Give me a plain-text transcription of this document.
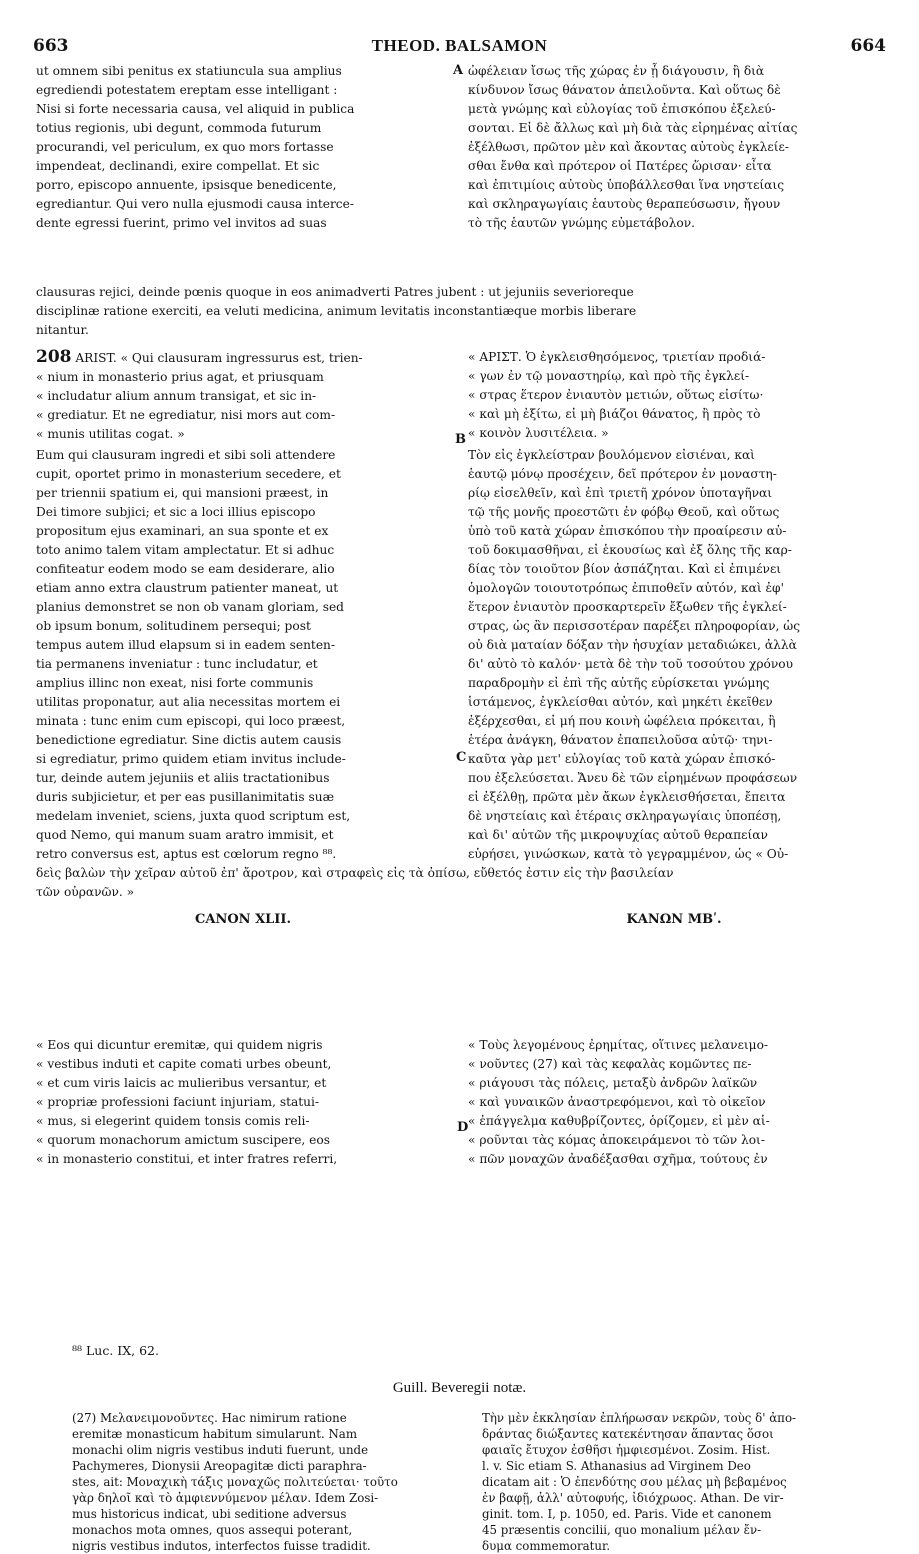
663	THEOD. BALSAMON	664
ut omnem sibi penitus ex statiuncula sua amplius
egrediendi potestatem ereptam esse intelligant :
Nisi si forte necessaria causa, vel aliquid in publica
totius regionis, ubi degunt, commoda futurum
procurandi, vel periculum, ex quo mors fortasse
impendeat, declinandi, exire compellat. Et sic
porro, episcopo annuente, ipsisque benedicente,
egrediantur. Qui vero nulla ejusmodi causa interce-
dente egressi fuerint, primo vel invitos ad suas
A ὠφέλειαν ἴσως τῆς χώρας ἐν ᾗ διάγουσιν, ἢ διὰ
κίνδυνον ἴσως θάνατον ἀπειλοῦντα. Καὶ οὕτως δὲ
μετὰ γνώμης καὶ εὐλογίας τοῦ ἐπισκόπου ἐξελεύ-
σονται. Εἰ δὲ ἄλλως καὶ μὴ διὰ τὰς εἰρημένας αἰτίας
ἐξέλθωσι, πρῶτον μὲν καὶ ἄκοντας αὐτοὺς ἐγκλείε-
σθαι ἔνθα καὶ πρότερον οἱ Πατέρες ὥρισαν· εἶτα
καὶ ἐπιτιμίοις αὐτοὺς ὑποβάλλεσθαι ἵνα νηστείαις
καὶ σκληραγωγίαις ἑαυτοὺς θεραπεύσωσιν, ἤγουν
τὸ τῆς ἑαυτῶν γνώμης εὐμετάβολον.
clausuras rejici, deinde pœnis quoque in eos animadverti Patres jubent : ut jejuniis severioreque
disciplinæ ratione exerciti, ea veluti medicina, animum levitatis inconstantiæque morbis liberare
nitantur.
208 ARIST. « Qui clausuram ingressurus est, trien-
« nium in monasterio prius agat, et priusquam
« includatur alium annum transigat, et sic in-
« grediatur. Et ne egrediatur, nisi mors aut com-
« munis utilitas cogat. »	B
« ΑΡΙΣΤ. Ὁ ἐγκλεισθησόμενος, τριετίαν προδιά-
« γων ἐν τῷ μοναστηρίῳ, καὶ πρὸ τῆς ἐγκλεί-
« στρας ἕτερον ἐνιαυτὸν μετιών, οὕτως εἰσίτω·
« καὶ μὴ ἐξίτω, εἰ μὴ βιάζοι θάνατος, ἢ πρὸς τὸ
« κοινὸν λυσιτέλεια. »
Eum qui clausuram ingredi et sibi soli attendere
cupit, oportet primo in monasterium secedere, et
per triennii spatium ei, qui mansioni præest, in
Dei timore subjici; et sic a loci illius episcopo
propositum ejus examinari, an sua sponte et ex
toto animo talem vitam amplectatur. Et si adhuc
confiteatur eodem modo se eam desiderare, alio
etiam anno extra claustrum patienter maneat, ut
planius demonstret se non ob vanam gloriam, sed
ob ipsum bonum, solitudinem persequi; post
tempus autem illud elapsum si in eadem senten-
tia permanens inveniatur : tunc includatur, et
amplius illinc non exeat, nisi forte communis
utilitas proponatur, aut alia necessitas mortem ei
minata : tunc enim cum episcopi, qui loco præest,
benedictione egrediatur. Sine dictis autem causis
si egrediatur, primo quidem etiam invitus include-
tur, deinde autem jejuniis et aliis tractationibus
duris subjicietur, et per eas pusillanimitatis suæ
medelam inveniet, sciens, juxta quod scriptum est,
quod Nemo, qui manum suam aratro immisit, et
retro conversus est, aptus est cœlorum regno ⁸⁸.
C
Τὸν εἰς ἐγκλείστραν βουλόμενον εἰσιέναι, καὶ
ἑαυτῷ μόνῳ προσέχειν, δεῖ πρότερον ἐν μοναστη-
ρίῳ εἰσελθεῖν, καὶ ἐπὶ τριετῆ χρόνον ὑποταγῆναι
τῷ τῆς μονῆς προεστῶτι ἐν φόβῳ Θεοῦ, καὶ οὕτως
ὑπὸ τοῦ κατὰ χώραν ἐπισκόπου τὴν προαίρεσιν αὐ-
τοῦ δοκιμασθῆναι, εἰ ἑκουσίως καὶ ἐξ ὅλης τῆς καρ-
δίας τὸν τοιοῦτον βίον ἀσπάζηται. Καὶ εἰ ἐπιμένει
ὁμολογῶν τοιουτοτρόπως ἐπιποθεῖν αὐτόν, καὶ ἐφ'
ἕτερον ἐνιαυτὸν προσκαρτερεῖν ἔξωθεν τῆς ἐγκλεί-
στρας, ὡς ἂν περισσοτέραν παρέξει πληροφορίαν, ὡς
οὐ διὰ ματαίαν δόξαν τὴν ἡσυχίαν μεταδιώκει, ἀλλὰ
δι' αὐτὸ τὸ καλόν· μετὰ δὲ τὴν τοῦ τοσούτου χρόνου
παραδρομὴν εἰ ἐπὶ τῆς αὐτῆς εὑρίσκεται γνώμης
ἱστάμενος, ἐγκλείσθαι αὐτόν, καὶ μηκέτι ἐκεῖθεν
ἐξέρχεσθαι, εἰ μή που κοινὴ ὠφέλεια πρόκειται, ἢ
ἑτέρα ἀνάγκη, θάνατον ἐπαπειλοῦσα αὐτῷ· τηνι-
καῦτα γὰρ μετ' εὐλογίας τοῦ κατὰ χώραν ἐπισκό-
που ἐξελεύσεται. Ἄνευ δὲ τῶν εἰρημένων προφάσεων
εἰ ἐξέλθῃ, πρῶτα μὲν ἄκων ἐγκλεισθήσεται, ἔπειτα
δὲ νηστείαις καὶ ἑτέραις σκληραγωγίαις ὑποπέσῃ,
καὶ δι' αὐτῶν τῆς μικροψυχίας αὐτοῦ θεραπείαν
εὑρήσει, γινώσκων, κατὰ τὸ γεγραμμένον, ὡς « Οὐ-
δεὶς βαλὼν τὴν χεῖραν αὐτοῦ ἐπ' ἄροτρον, καὶ στραφεὶς εἰς τὰ ὀπίσω, εὔθετός ἐστιν εἰς τὴν βασιλείαν
τῶν οὐρανῶν. »
CANON XLII.	ΚΑΝΩΝ ΜΒʹ.
« Eos qui dicuntur eremitæ, qui quidem nigris
« vestibus induti et capite comati urbes obeunt,
« et cum viris laicis ac mulieribus versantur, et
« propriæ professioni faciunt injuriam, statui-
« mus, si elegerint quidem tonsis comis reli-
« quorum monachorum amictum suscipere, eos
« in monasterio constitui, et inter fratres referri,
D
« Τοὺς λεγομένους ἐρημίτας, οἵτινες μελανειμο-
« νοῦντες (27) καὶ τὰς κεφαλὰς κομῶντες πε-
« ριάγουσι τὰς πόλεις, μεταξὺ ἀνδρῶν λαϊκῶν
« καὶ γυναικῶν ἀναστρεφόμενοι, καὶ τὸ οἰκεῖον
« ἐπάγγελμα καθυβρίζοντες, ὁρίζομεν, εἰ μὲν αἱ-
« ροῦνται τὰς κόμας ἀποκειράμενοι τὸ τῶν λοι-
« πῶν μοναχῶν ἀναδέξασθαι σχῆμα, τούτους ἐν
⁸⁸ Luc. IX, 62.
Guill. Beveregii notæ.
(27) Μελανειμονοῦντες. Hac nimirum ratione
eremitæ monasticum habitum simularunt. Nam
monachi olim nigris vestibus induti fuerunt, unde
Pachymeres, Dionysii Areopagitæ dicti paraphra-
stes, ait: Μοναχικὴ τάξις μοναχῶς πολιτεύεται· τοῦτο
γὰρ δηλοῖ καὶ τὸ ἀμφιεννύμενον μέλαν. Idem Zosi-
mus historicus indicat, ubi seditione adversus
monachos mota omnes, quos assequi poterant,
nigris vestibus indutos, interfectos fuisse tradidit.
Τὴν μὲν ἐκκλησίαν ἐπλήρωσαν νεκρῶν, τοὺς δ' ἀπο-
δράντας διώξαντες κατεκέντησαν ἅπαντας ὅσοι
φαιαῖς ἔτυχον ἐσθῆσι ἠμφιεσμένοι. Zosim. Hist.
l. v. Sic etiam S. Athanasius ad Virginem Deo
dicatam ait : Ὁ ἐπενδύτης σου μέλας μὴ βεβαμένος
ἐν βαφῇ, ἀλλ' αὐτοφυής, ἰδιόχρωος. Athan. De vir-
ginit. tom. I, p. 1050, ed. Paris. Vide et canonem
45 præsentis concilii, quo monalium μέλαν ἔν-
δυμα commemoratur.
